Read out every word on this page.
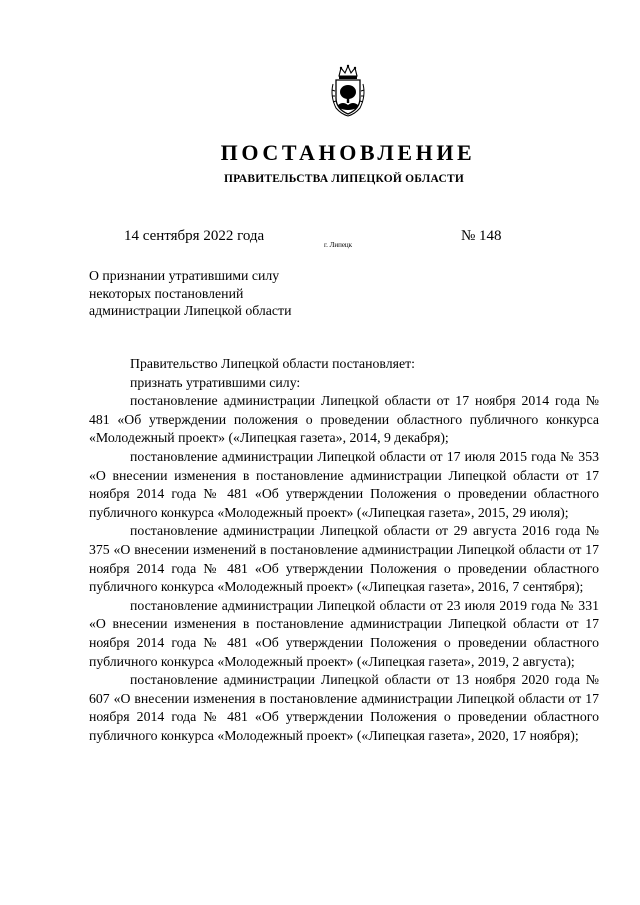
ПОСТАНОВЛЕНИЕ
ПРАВИТЕЛЬСТВА ЛИПЕЦКОЙ ОБЛАСТИ
14 сентября 2022 года
г. Липецк
№ 148
О признании утратившими силу
некоторых постановлений
администрации Липецкой области

Правительство Липецкой области постановляет:

признать утратившими силу:

постановление администрации Липецкой области от 17 ноября 2014 года № 481 «Об утверждении положения о проведении областного публичного конкурса «Молодежный проект» («Липецкая газета», 2014, 9 декабря);

постановление администрации Липецкой области от 17 июля 2015 года № 353 «О внесении изменения в постановление администрации Липецкой области от 17 ноября 2014 года № 481 «Об утверждении Положения о проведении областного публичного конкурса «Молодежный проект» («Липецкая газета», 2015, 29 июля);

постановление администрации Липецкой области от 29 августа 2016 года № 375 «О внесении изменений в постановление администрации Липецкой области от 17 ноября 2014 года № 481 «Об утверждении Положения о проведении областного публичного конкурса «Молодежный проект» («Липецкая газета», 2016, 7 сентября);

постановление администрации Липецкой области от 23 июля 2019 года № 331 «О внесении изменения в постановление администрации Липецкой области от 17 ноября 2014 года № 481 «Об утверждении Положения о проведении областного публичного конкурса «Молодежный проект» («Липецкая газета», 2019, 2 августа);

постановление администрации Липецкой области от 13 ноября 2020 года № 607 «О внесении изменения в постановление администрации Липецкой области от 17 ноября 2014 года № 481 «Об утверждении Положения о проведении областного публичного конкурса «Молодежный проект» («Липецкая газета», 2020, 17 ноября);
